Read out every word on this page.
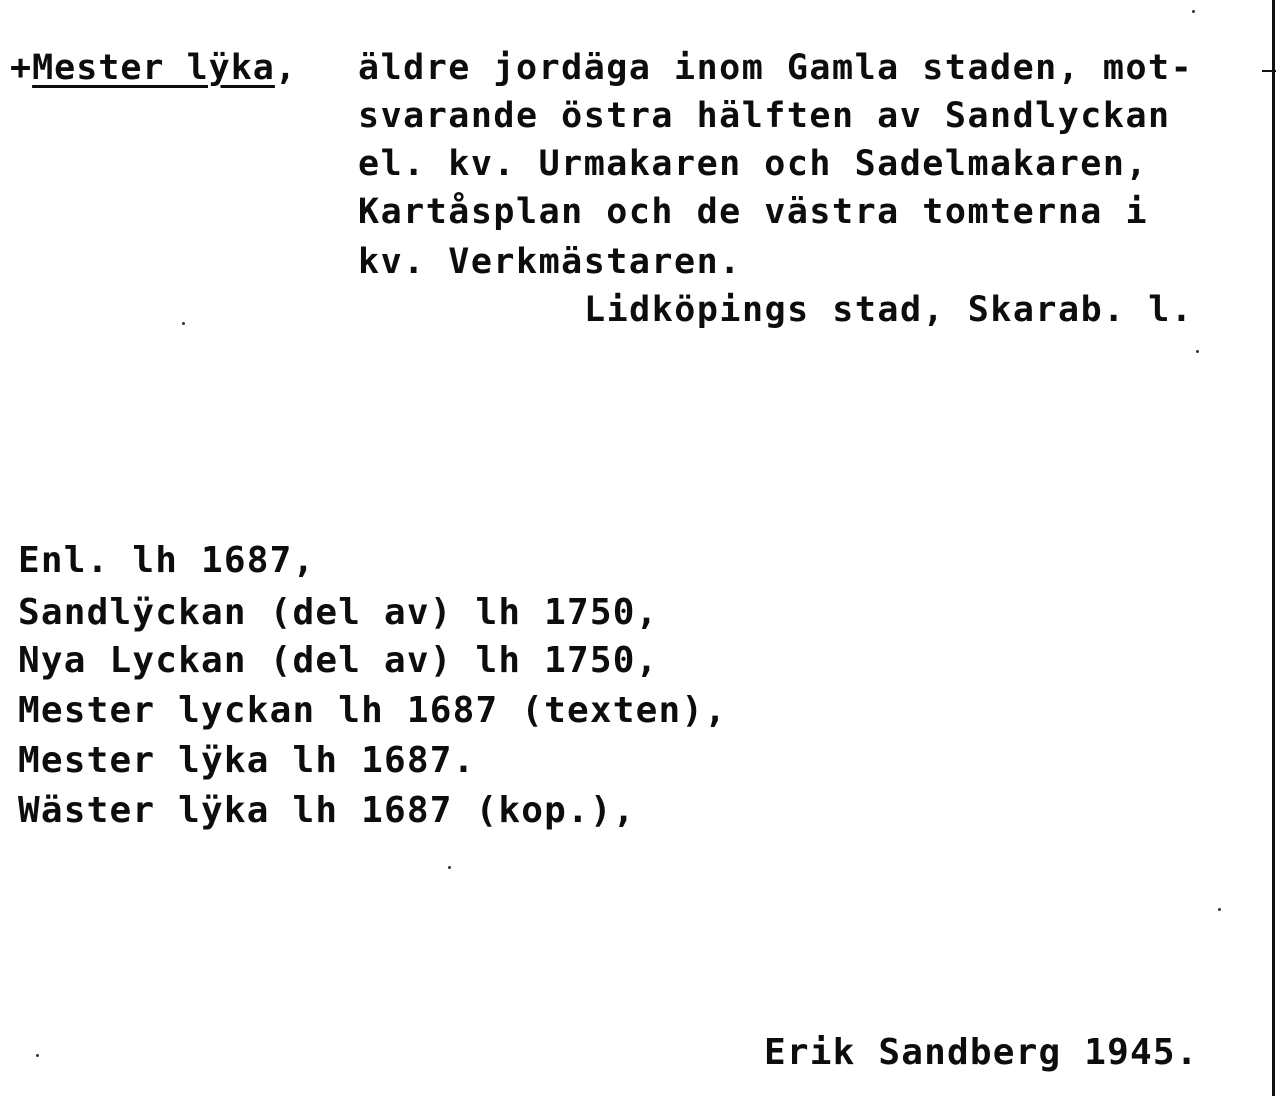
+Mester lÿka, äldre jordäga inom Gamla staden, mot-
svarande östra hälften av Sandlyckan
el. kv. Urmakaren och Sadelmakaren,
Kartåsplan och de västra tomterna i
kv. Verkmästaren.
Lidköpings stad, Skarab. l.
Enl. lh 1687,
Sandlÿckan (del av) lh 1750,
Nya Lyckan (del av) lh 1750,
Mester lyckan lh 1687 (texten),
Mester lÿka lh 1687.
Wäster lÿka lh 1687 (kop.),
Erik Sandberg 1945.
